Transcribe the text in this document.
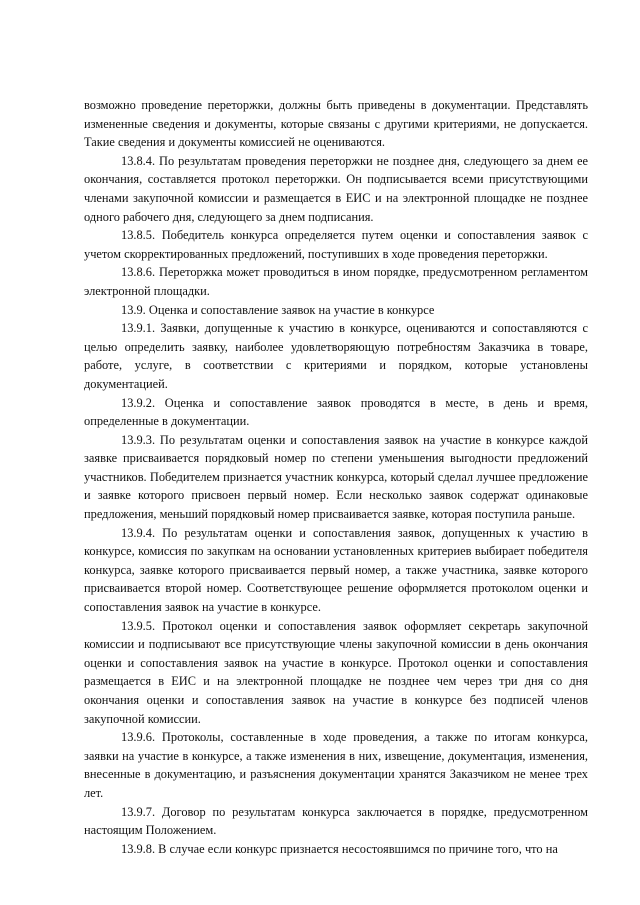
возможно проведение переторжки, должны быть приведены в документации. Представлять измененные сведения и документы, которые связаны с другими критериями, не допускается. Такие сведения и документы комиссией не оцениваются.

13.8.4. По результатам проведения переторжки не позднее дня, следующего за днем ее окончания, составляется протокол переторжки. Он подписывается всеми присутствующими членами закупочной комиссии и размещается в ЕИС и на электронной площадке не позднее одного рабочего дня, следующего за днем подписания.

13.8.5. Победитель конкурса определяется путем оценки и сопоставления заявок с учетом скорректированных предложений, поступивших в ходе проведения переторжки.

13.8.6. Переторжка может проводиться в ином порядке, предусмотренном регламентом электронной площадки.

13.9. Оценка и сопоставление заявок на участие в конкурсе

13.9.1. Заявки, допущенные к участию в конкурсе, оцениваются и сопоставляются с целью определить заявку, наиболее удовлетворяющую потребностям Заказчика в товаре, работе, услуге, в соответствии с критериями и порядком, которые установлены документацией.

13.9.2. Оценка и сопоставление заявок проводятся в месте, в день и время, определенные в документации.

13.9.3. По результатам оценки и сопоставления заявок на участие в конкурсе каждой заявке присваивается порядковый номер по степени уменьшения выгодности предложений участников. Победителем признается участник конкурса, который сделал лучшее предложение и заявке которого присвоен первый номер. Если несколько заявок содержат одинаковые предложения, меньший порядковый номер присваивается заявке, которая поступила раньше.

13.9.4. По результатам оценки и сопоставления заявок, допущенных к участию в конкурсе, комиссия по закупкам на основании установленных критериев выбирает победителя конкурса, заявке которого присваивается первый номер, а также участника, заявке которого присваивается второй номер. Соответствующее решение оформляется протоколом оценки и сопоставления заявок на участие в конкурсе.

13.9.5. Протокол оценки и сопоставления заявок оформляет секретарь закупочной комиссии и подписывают все присутствующие члены закупочной комиссии в день окончания оценки и сопоставления заявок на участие в конкурсе. Протокол оценки и сопоставления размещается в ЕИС и на электронной площадке не позднее чем через три дня со дня окончания оценки и сопоставления заявок на участие в конкурсе без подписей членов закупочной комиссии.

13.9.6. Протоколы, составленные в ходе проведения, а также по итогам конкурса, заявки на участие в конкурсе, а также изменения в них, извещение, документация, изменения, внесенные в документацию, и разъяснения документации хранятся Заказчиком не менее трех лет.

13.9.7. Договор по результатам конкурса заключается в порядке, предусмотренном настоящим Положением.

13.9.8. В случае если конкурс признается несостоявшимся по причине того, что на
